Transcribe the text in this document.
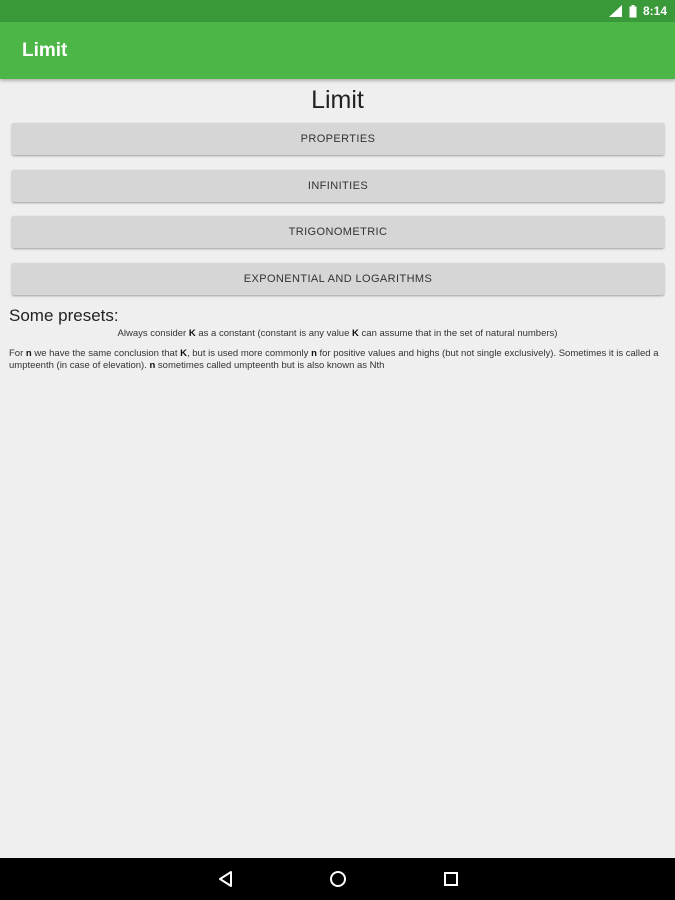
8:14
Limit
Limit
PROPERTIES
INFINITIES
TRIGONOMETRIC
EXPONENTIAL AND LOGARITHMS
Some presets:
Always consider K as a constant (constant is any value K can assume that in the set of natural numbers)
For n we have the same conclusion that K, but is used more commonly n for positive values and highs (but not single exclusively). Sometimes it is called a umpteenth (in case of elevation). n sometimes called umpteenth but is also known as Nth
